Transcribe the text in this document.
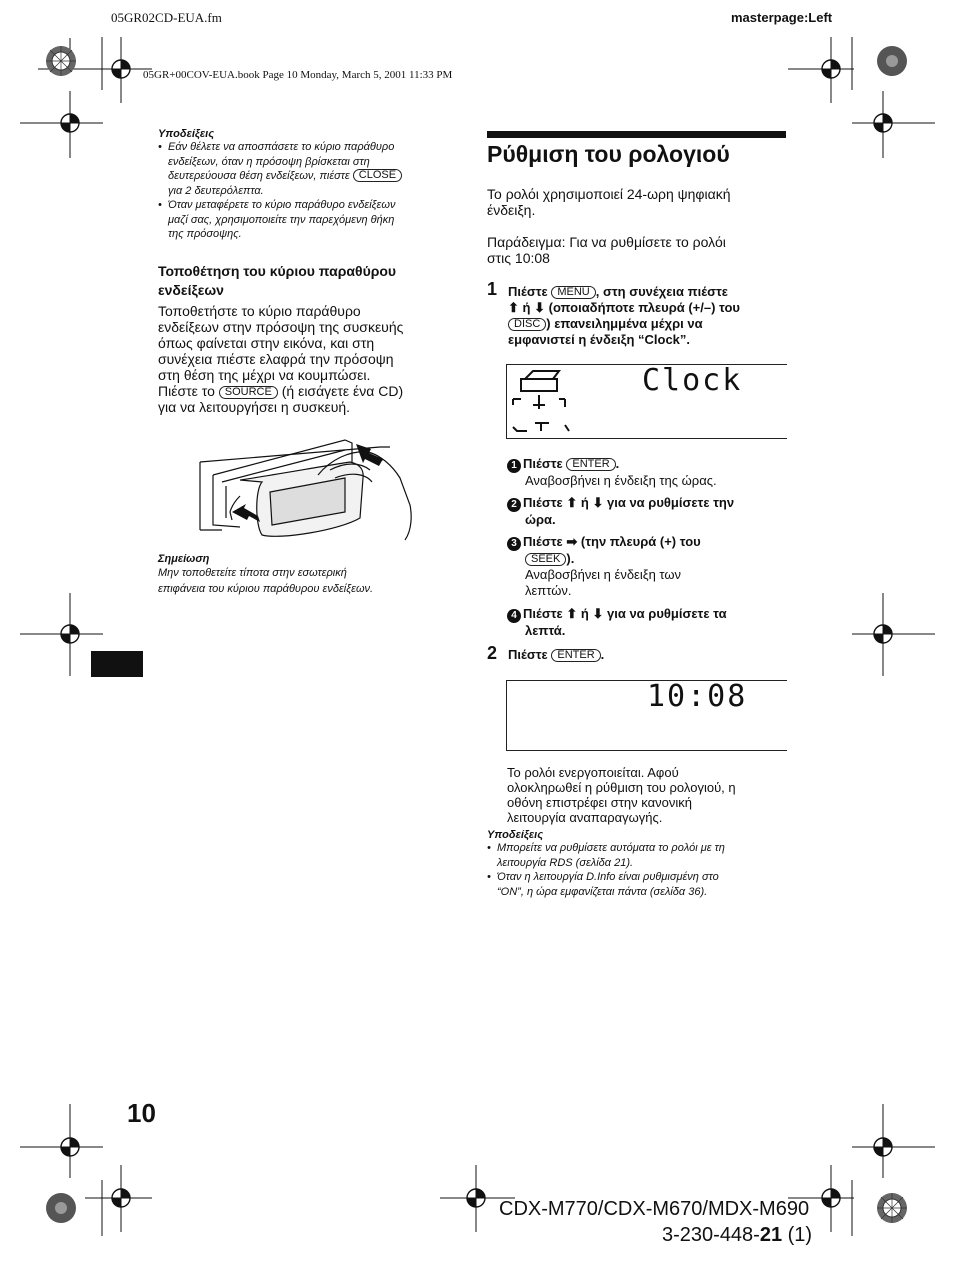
05GR02CD-EUA.fm	masterpage:Left
05GR+00COV-EUA.book Page 10 Monday, March 5, 2001 11:33 PM
Υποδείξεις
• Εάν θέλετε να αποσπάσετε το κύριο παράθυρο
ενδείξεων, όταν η πρόσοψη βρίσκεται στη
δευτερεύουσα θέση ενδείξεων, πιέστε CLOSE
για 2 δευτερόλεπτα.
• Όταν μεταφέρετε το κύριο παράθυρο ενδείξεων
μαζί σας, χρησιμοποιείτε την παρεχόμενη θήκη
της πρόσοψης.
Τοποθέτηση του κύριου παραθύρου
ενδείξεων
Τοποθετήστε το κύριο παράθυρο
ενδείξεων στην πρόσοψη της συσκευής
όπως φαίνεται στην εικόνα, και στη
συνέχεια πιέστε ελαφρά την πρόσοψη
στη θέση της μέχρι να κουμπώσει.
Πιέστε το SOURCE (ή εισάγετε ένα CD)
για να λειτουργήσει η συσκευή.
Σημείωση
Μην τοποθετείτε τίποτα στην εσωτερική
επιφάνεια του κύριου παράθυρου ενδείξεων.
Ρύθμιση του ρολογιού
Το ρολόι χρησιμοποιεί 24-ωρη ψηφιακή
ένδειξη.
Παράδειγμα: Για να ρυθμίσετε το ρολόι
στις 10:08
1 Πιέστε MENU , στη συνέχεια πιέστε
⬆ ή ⬇ (οποιαδήποτε πλευρά (+/–) του
DISC ) επανειλημμένα μέχρι να
εμφανιστεί η ένδειξη “Clock”.
Clock
1 Πιέστε ENTER .
Αναβοσβήνει η ένδειξη της ώρας.
2 Πιέστε ⬆ ή ⬇ για να ρυθμίσετε την
ώρα.
3 Πιέστε ➡ (την πλευρά (+) του
SEEK ).
Αναβοσβήνει η ένδειξη των
λεπτών.
4 Πιέστε ⬆ ή ⬇ για να ρυθμίσετε τα
λεπτά.
2 Πιέστε ENTER .
10:08
Το ρολόι ενεργοποιείται. Αφού
ολοκληρωθεί η ρύθμιση του ρολογιού, η
οθόνη επιστρέφει στην κανονική
λειτουργία αναπαραγωγής.
Υποδείξεις
• Μπορείτε να ρυθμίσετε αυτόματα το ρολόι με τη
λειτουργία RDS (σελίδα 21).
• Όταν η λειτουργία D.Info είναι ρυθμισμένη στο
“ON”, η ώρα εμφανίζεται πάντα (σελίδα 36).
10
CDX-M770/CDX-M670/MDX-M690
3-230-448-21 (1)
